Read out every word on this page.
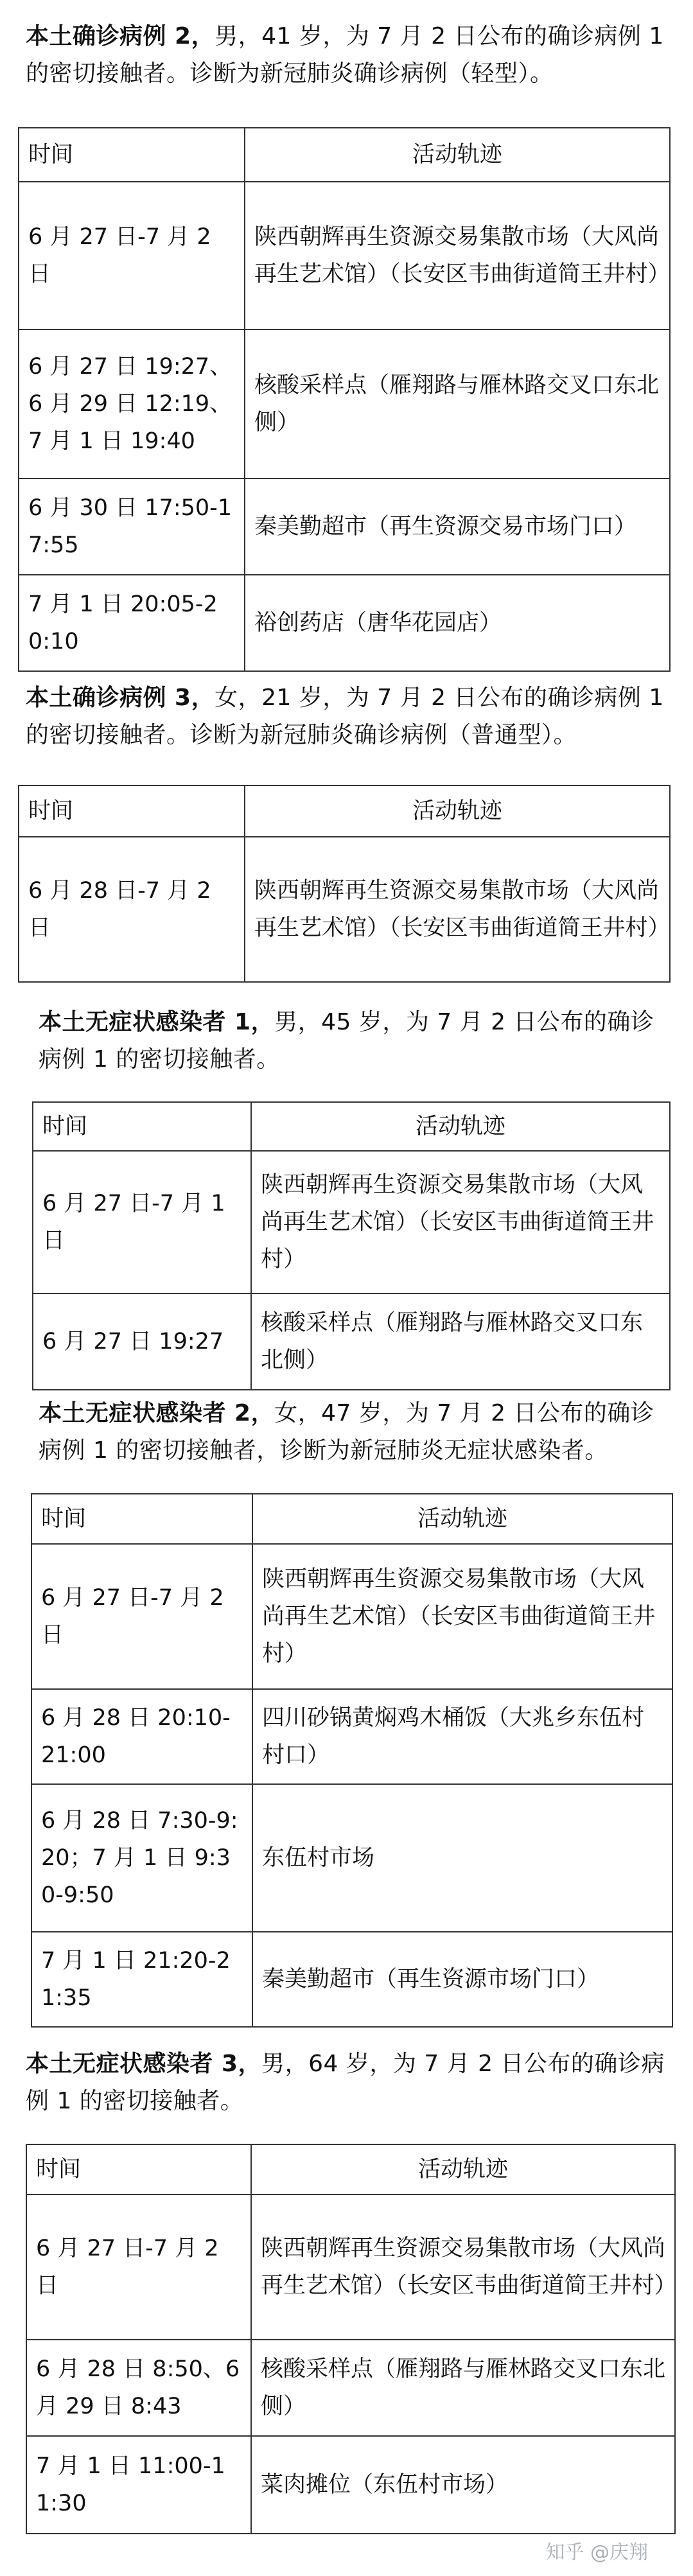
本土确诊病例 2，男，41 岁，为 7 月 2 日公布的确诊病例 1 的密切接触者。诊断为新冠肺炎确诊病例（轻型）。
时间	活动轨迹
6 月 27 日-7 月 2 日	陕西朝辉再生资源交易集散市场（大风尚再生艺术馆）（长安区韦曲街道简王井村）
6 月 27 日 19:27、6 月 29 日 12:19、7 月 1 日 19:40	核酸采样点（雁翔路与雁林路交叉口东北侧）
6 月 30 日 17:50-17:55	秦美勤超市（再生资源交易市场门口）
7 月 1 日 20:05-20:10	裕创药店（唐华花园店）
本土确诊病例 3，女，21 岁，为 7 月 2 日公布的确诊病例 1 的密切接触者。诊断为新冠肺炎确诊病例（普通型）。
时间	活动轨迹
6 月 28 日-7 月 2 日	陕西朝辉再生资源交易集散市场（大风尚再生艺术馆）（长安区韦曲街道简王井村）
本土无症状感染者 1，男，45 岁，为 7 月 2 日公布的确诊病例 1 的密切接触者。
时间	活动轨迹
6 月 27 日-7 月 1 日	陕西朝辉再生资源交易集散市场（大风尚再生艺术馆）（长安区韦曲街道简王井村）
6 月 27 日 19:27	核酸采样点（雁翔路与雁林路交叉口东北侧）
本土无症状感染者 2，女，47 岁，为 7 月 2 日公布的确诊病例 1 的密切接触者，诊断为新冠肺炎无症状感染者。
时间	活动轨迹
6 月 27 日-7 月 2 日	陕西朝辉再生资源交易集散市场（大风尚再生艺术馆）（长安区韦曲街道简王井村）
6 月 28 日 20:10-21:00	四川砂锅黄焖鸡木桶饭（大兆乡东伍村村口）
6 月 28 日 7:30-9:20；7 月 1 日 9:30-9:50	东伍村市场
7 月 1 日 21:20-21:35	秦美勤超市（再生资源市场门口）
本土无症状感染者 3，男，64 岁，为 7 月 2 日公布的确诊病例 1 的密切接触者。
时间	活动轨迹
6 月 27 日-7 月 2 日	陕西朝辉再生资源交易集散市场（大风尚再生艺术馆）（长安区韦曲街道简王井村）
6 月 28 日 8:50、6 月 29 日 8:43	核酸采样点（雁翔路与雁林路交叉口东北侧）
7 月 1 日 11:00-11:30	菜肉摊位（东伍村市场）
知乎 @庆翔
